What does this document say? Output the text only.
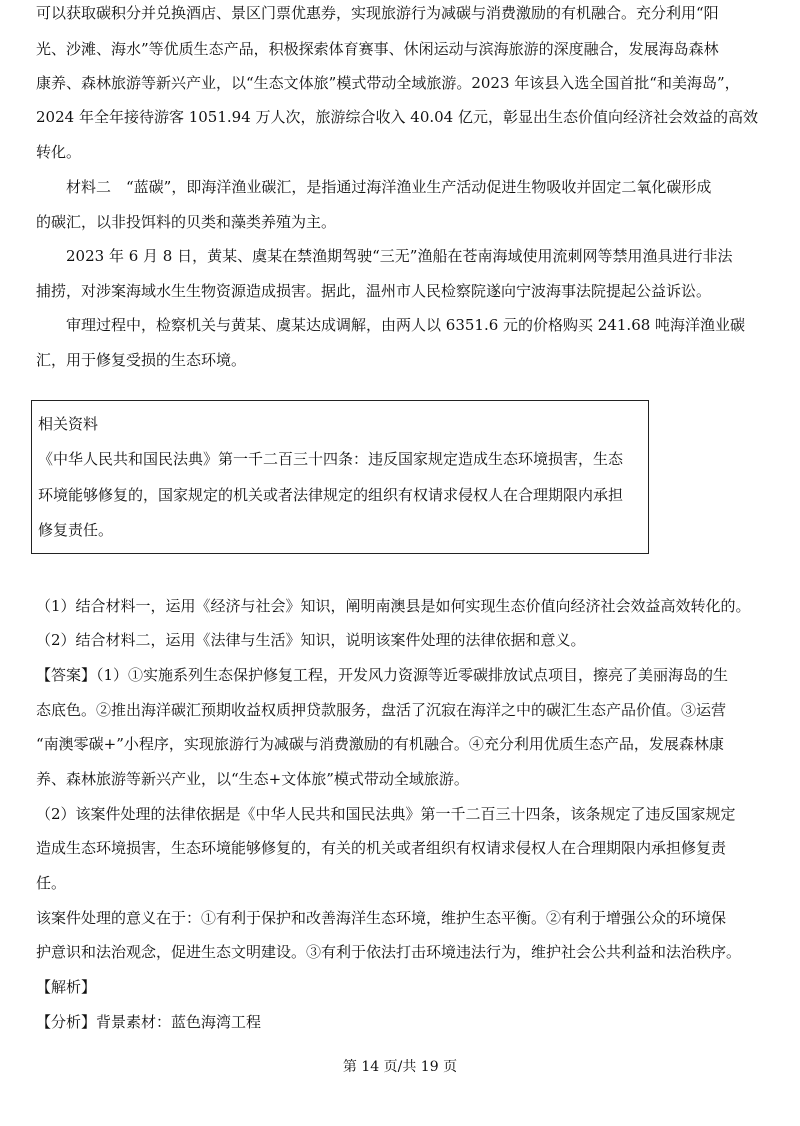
可以获取碳积分并兑换酒店、景区门票优惠券，实现旅游行为减碳与消费激励的有机融合。充分利用“阳
光、沙滩、海水”等优质生态产品，积极探索体育赛事、休闲运动与滨海旅游的深度融合，发展海岛森林
康养、森林旅游等新兴产业，以“生态文体旅”模式带动全域旅游。2023 年该县入选全国首批“和美海岛”，
2024 年全年接待游客 1051.94 万人次，旅游综合收入 40.04 亿元，彰显出生态价值向经济社会效益的高效
转化。
材料二　“蓝碳”，即海洋渔业碳汇，是指通过海洋渔业生产活动促进生物吸收并固定二氧化碳形成
的碳汇，以非投饵料的贝类和藻类养殖为主。
2023 年 6 月 8 日，黄某、虞某在禁渔期驾驶“三无”渔船在苍南海域使用流刺网等禁用渔具进行非法
捕捞，对涉案海域水生生物资源造成损害。据此，温州市人民检察院遂向宁波海事法院提起公益诉讼。
审理过程中，检察机关与黄某、虞某达成调解，由两人以 6351.6 元的价格购买 241.68 吨海洋渔业碳
汇，用于修复受损的生态环境。
相关资料
《中华人民共和国民法典》第一千二百三十四条：违反国家规定造成生态环境损害，生态
环境能够修复的，国家规定的机关或者法律规定的组织有权请求侵权人在合理期限内承担
修复责任。
（1）结合材料一，运用《经济与社会》知识，阐明南澳县是如何实现生态价值向经济社会效益高效转化的。
（2）结合材料二，运用《法律与生活》知识，说明该案件处理的法律依据和意义。
【答案】（1）①实施系列生态保护修复工程，开发风力资源等近零碳排放试点项目，擦亮了美丽海岛的生
态底色。②推出海洋碳汇预期收益权质押贷款服务，盘活了沉寂在海洋之中的碳汇生态产品价值。③运营
“南澳零碳+”小程序，实现旅游行为减碳与消费激励的有机融合。④充分利用优质生态产品，发展森林康
养、森林旅游等新兴产业，以“生态+文体旅”模式带动全域旅游。
（2）该案件处理的法律依据是《中华人民共和国民法典》第一千二百三十四条，该条规定了违反国家规定
造成生态环境损害，生态环境能够修复的，有关的机关或者组织有权请求侵权人在合理期限内承担修复责
任。
该案件处理的意义在于：①有利于保护和改善海洋生态环境，维护生态平衡。②有利于增强公众的环境保
护意识和法治观念，促进生态文明建设。③有利于依法打击环境违法行为，维护社会公共利益和法治秩序。
【解析】
【分析】背景素材：蓝色海湾工程
第 14 页/共 19 页
